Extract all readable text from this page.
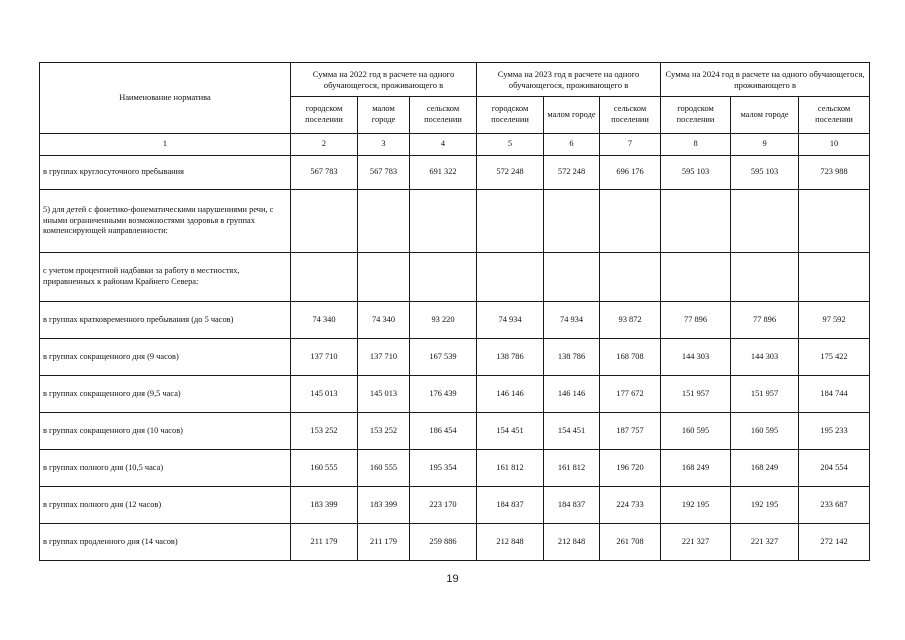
Наименование норматива	Сумма на 2022 год в расчете на одного обучающегося, проживающего в			Сумма на 2023 год в расчете на одного обучающегося, проживающего в			Сумма на 2024 год в расчете на одного обучающегося, проживающего в		
	городском поселении	малом городе	сельском поселении	городском поселении	малом городе	сельском поселении	городском поселении	малом городе	сельском поселении
1	2	3	4	5	6	7	8	9	10
в группах круглосуточного пребывания	567 783	567 783	691 322	572 248	572 248	696 176	595 103	595 103	723 988
5) для детей с фонетико-фонематическими нарушениями речи, с иными ограниченными возможностями здоровья в группах компенсирующей направленности:									
с учетом процентной надбавки за работу в местностях, приравненных к районам Крайнего Севера:									
в группах кратковременного пребывания (до 5 часов)	74 340	74 340	93 220	74 934	74 934	93 872	77 896	77 896	97 592
в группах сокращенного дня (9 часов)	137 710	137 710	167 539	138 786	138 786	168 708	144 303	144 303	175 422
в группах сокращенного дня (9,5 часа)	145 013	145 013	176 439	146 146	146 146	177 672	151 957	151 957	184 744
в группах сокращенного дня (10 часов)	153 252	153 252	186 454	154 451	154 451	187 757	160 595	160 595	195 233
в группах полного дня (10,5 часа)	160 555	160 555	195 354	161 812	161 812	196 720	168 249	168 249	204 554
в группах полного дня (12 часов)	183 399	183 399	223 170	184 837	184 837	224 733	192 195	192 195	233 687
в группах продленного дня (14 часов)	211 179	211 179	259 886	212 848	212 848	261 708	221 327	221 327	272 142
19
